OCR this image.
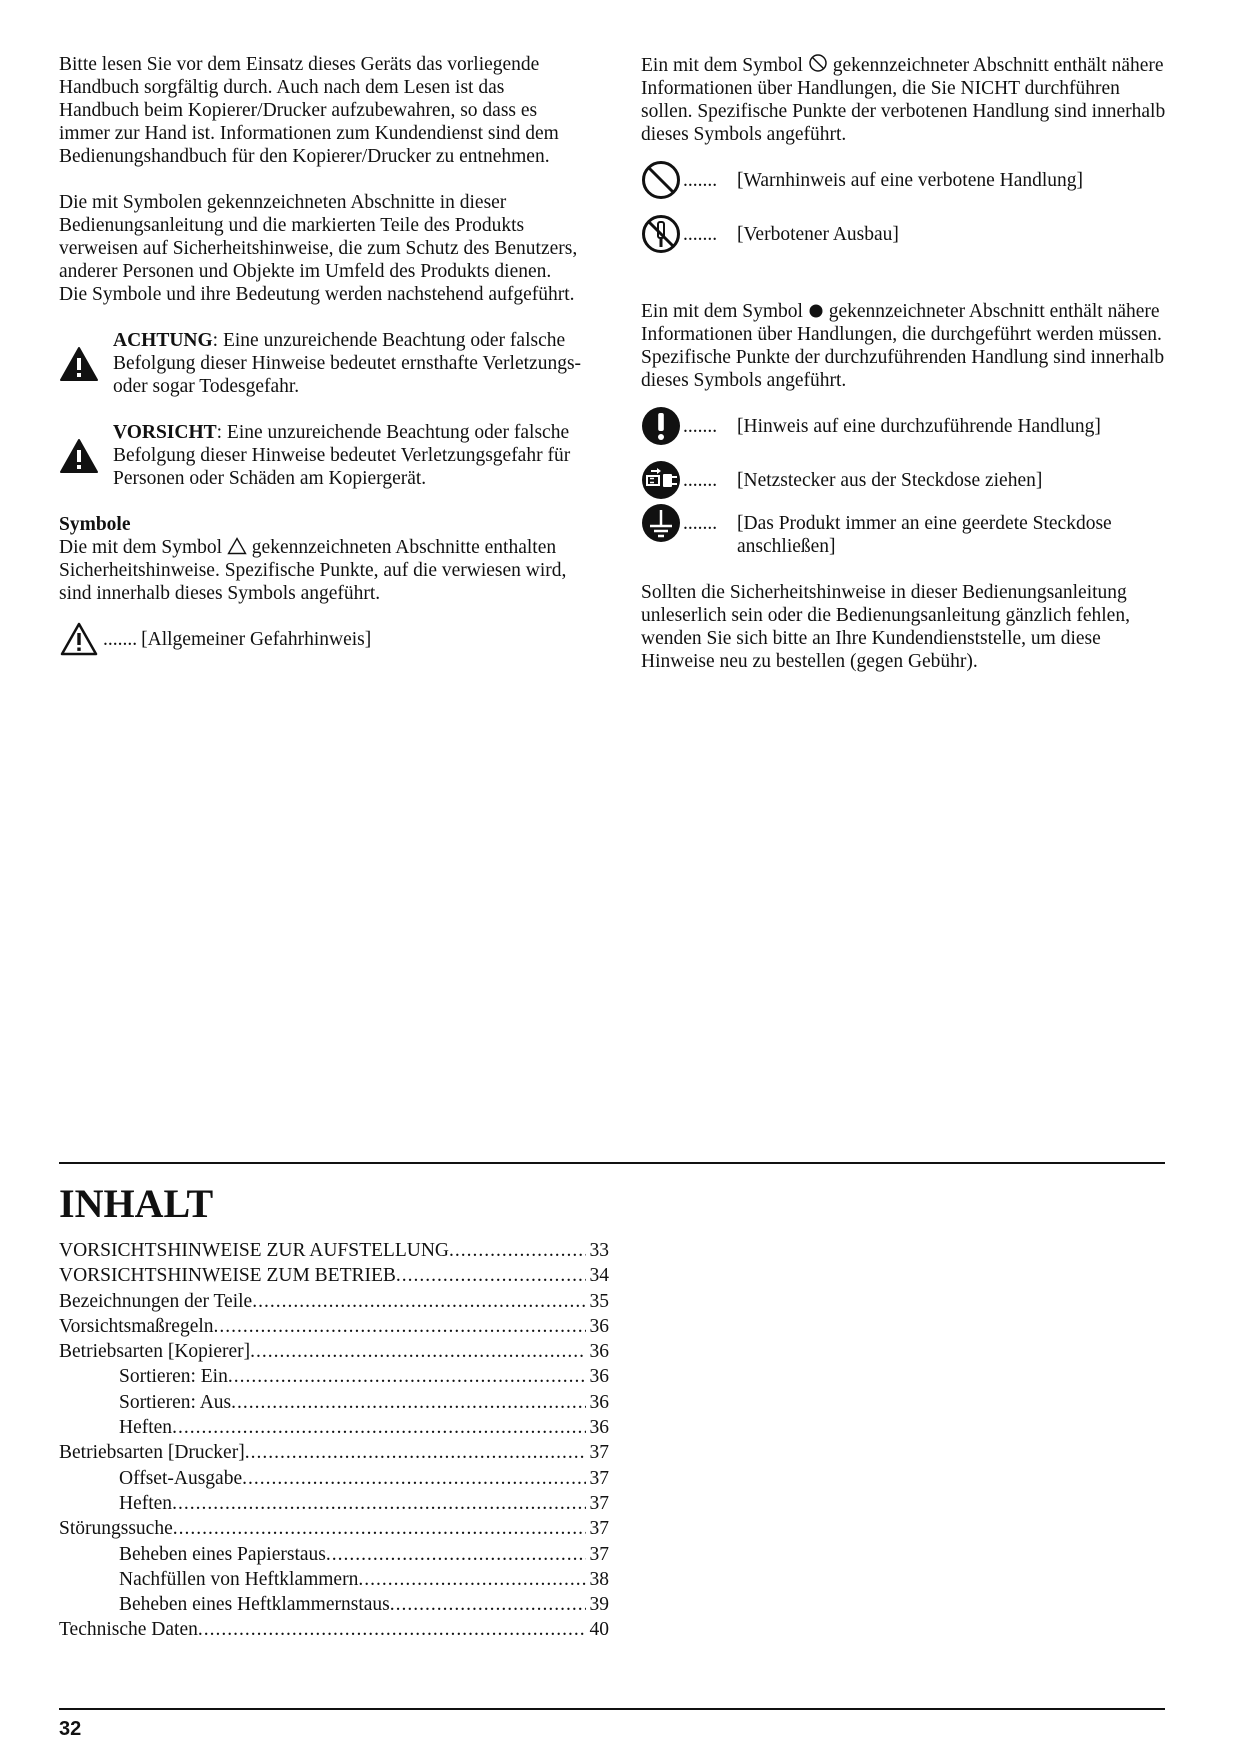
Bitte lesen Sie vor dem Einsatz dieses Geräts das vorliegende Handbuch sorgfältig durch. Auch nach dem Lesen ist das Handbuch beim Kopierer/Drucker aufzubewahren, so dass es immer zur Hand ist. Informationen zum Kundendienst sind dem Bedienungshandbuch für den Kopierer/Drucker zu entnehmen.

Die mit Symbolen gekennzeichneten Abschnitte in dieser Bedienungsanleitung und die markierten Teile des Produkts verweisen auf Sicherheitshinweise, die zum Schutz des Benutzers, anderer Personen und Objekte im Umfeld des Produkts dienen.

Die Symbole und ihre Bedeutung werden nachstehend aufgeführt.

ACHTUNG: Eine unzureichende Beachtung oder falsche Befolgung dieser Hinweise bedeutet ernsthafte Verletzungs- oder sogar Todesgefahr.
VORSICHT: Eine unzureichende Beachtung oder falsche Befolgung dieser Hinweise bedeutet Verletzungsgefahr für Personen oder Schäden am Kopiergerät.

Symbole

Die mit dem Symbol gekennzeichneten Abschnitte enthalten Sicherheitshinweise. Spezifische Punkte, auf die verwiesen wird, sind innerhalb dieses Symbols angeführt.

....... [Allgemeiner Gefahrhinweis]

Ein mit dem Symbol gekennzeichneter Abschnitt enthält nähere Informationen über Handlungen, die Sie NICHT durchführen sollen. Spezifische Punkte der verbotenen Handlung sind innerhalb dieses Symbols angeführt.

.......	[Warnhinweis auf eine verbotene Handlung]
.......	[Verbotener Ausbau]

Ein mit dem Symbol gekennzeichneter Abschnitt enthält nähere Informationen über Handlungen, die durchgeführt werden müssen. Spezifische Punkte der durchzuführenden Handlung sind innerhalb dieses Symbols angeführt.

.......	[Hinweis auf eine durchzuführende Handlung]
.......	[Netzstecker aus der Steckdose ziehen]
.......	[Das Produkt immer an eine geerdete Steckdose anschließen]

Sollten die Sicherheitshinweise in dieser Bedienungsanleitung unleserlich sein oder die Bedienungsanleitung gänzlich fehlen, wenden Sie sich bitte an Ihre Kundendienststelle, um diese Hinweise neu zu bestellen (gegen Gebühr).

INHALT
VORSICHTSHINWEISE ZUR AUFSTELLUNG .....	33
VORSICHTSHINWEISE ZUM BETRIEB .....	34
Bezeichnungen der Teile .....	35
Vorsichtsmaßregeln .....	36
Betriebsarten [Kopierer] .....	36
Sortieren: Ein .....	36
Sortieren: Aus .....	36
Heften .....	36
Betriebsarten [Drucker] .....	37
Offset-Ausgabe .....	37
Heften .....	37
Störungssuche .....	37
Beheben eines Papierstaus .....	37
Nachfüllen von Heftklammern .....	38
Beheben eines Heftklammernstaus .....	39
Technische Daten .....	40
32
